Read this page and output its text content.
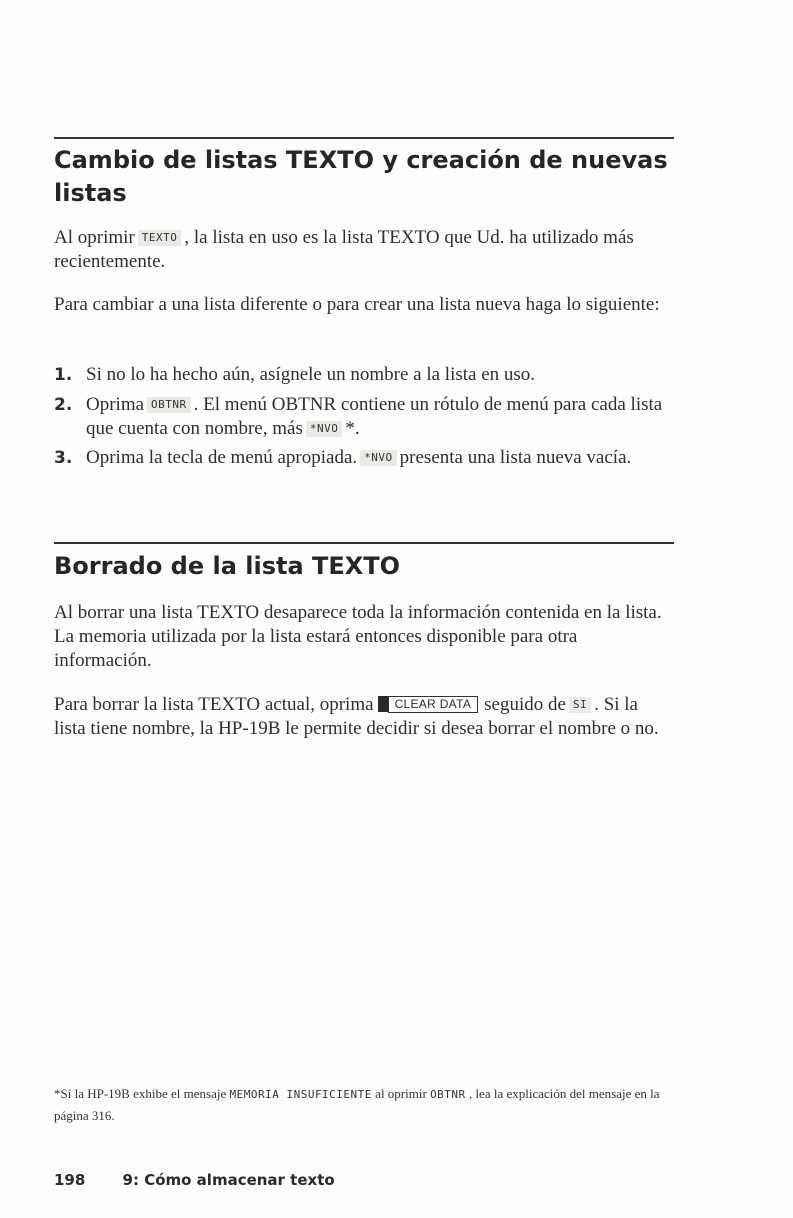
Cambio de listas TEXTO y creación de nuevas listas

Al oprimir TEXTO , la lista en uso es la lista TEXTO que Ud. ha utilizado más recientemente.

Para cambiar a una lista diferente o para crear una lista nueva haga lo siguiente:

1. Si no lo ha hecho aún, asígnele un nombre a la lista en uso.
2. Oprima OBTNR . El menú OBTNR contiene un rótulo de menú para cada lista que cuenta con nombre, más *NVO *.
3. Oprima la tecla de menú apropiada. *NVO presenta una lista nueva vacía.
Borrado de la lista TEXTO

Al borrar una lista TEXTO desaparece toda la información contenida en la lista. La memoria utilizada por la lista estará entonces disponible para otra información.

Para borrar la lista TEXTO actual, oprima CLEAR DATA seguido de SI . Si la lista tiene nombre, la HP-19B le permite decidir si desea borrar el nombre o no.

*Si la HP-19B exhibe el mensaje MEMORIA INSUFICIENTE al oprimir OBTNR , lea la explicación del mensaje en la página 316.
198 9: Cómo almacenar texto
